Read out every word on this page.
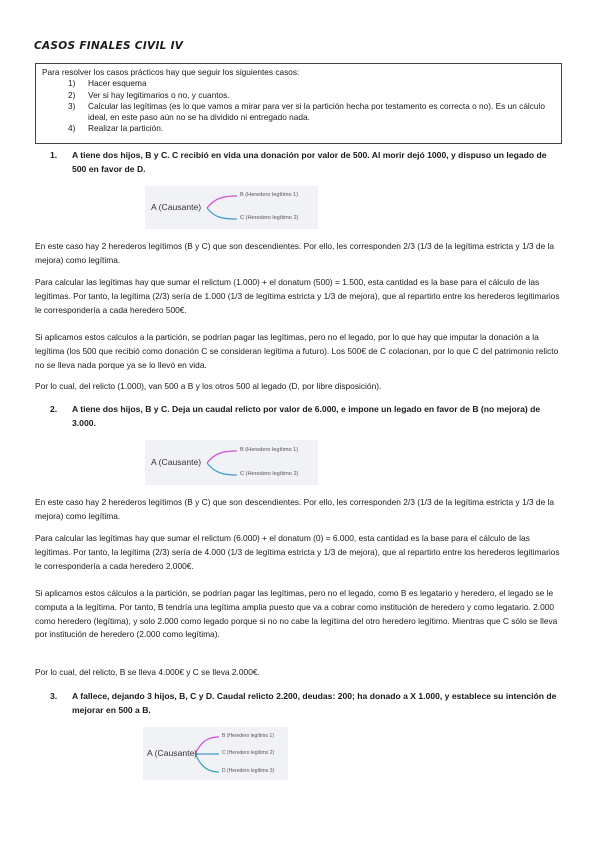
CASOS FINALES CIVIL IV
Para resolver los casos prácticos hay que seguir los siguientes casos:
1) Hacer esquema
2) Ver si hay legitimarios o no, y cuantos.
3) Calcular las legítimas (es lo que vamos a mirar para ver si la partición hecha por testamento es correcta o no). Es un cálculo ideal, en este paso aún no se ha dividido ni entregado nada.
4) Realizar la partición.
1.	A tiene dos hijos, B y C. C recibió en vida una donación por valor de 500. Al morir dejó 1000, y dispuso un legado de 500 en favor de D.
A (Causante)
B (Heredero legítimo 1)
C (Heredero legítimo 2)
En este caso hay 2 herederos legítimos (B y C) que son descendientes. Por ello, les corresponden 2/3 (1/3 de la legítima estricta y 1/3 de la mejora) como legítima.
Para calcular las legítimas hay que sumar el relictum (1.000) + el donatum (500) = 1.500, esta cantidad es la base para el cálculo de las legítimas. Por tanto, la legítima (2/3) sería de 1.000 (1/3 de legítima estricta y 1/3 de mejora), que al repartirlo entre los herederos legitimarios le correspondería a cada heredero 500€.
Si aplicamos estos calculos a la partición, se podrían pagar las legítimas, pero no el legado, por lo que hay que imputar la donación a la legítima (los 500 que recibió como donación C se consideran legítima a futuro). Los 500€ de C colacionan, por lo que C del patrimonio relicto no se lleva nada porque ya se lo llevó en vida.
Por lo cual, del relicto (1.000), van 500 a B y los otros 500 al legado (D, por libre disposición).
2.	A tiene dos hijos, B y C. Deja un caudal relicto por valor de 6.000, e impone un legado en favor de B (no mejora) de 3.000.
A (Causante)
B (Heredero legítimo 1)
C (Heredero legítimo 2)
En este caso hay 2 herederos legítimos (B y C) que son descendientes. Por ello, les corresponden 2/3 (1/3 de la legítima estricta y 1/3 de la mejora) como legítima.
Para calcular las legítimas hay que sumar el relictum (6.000) + el donatum (0) = 6.000, esta cantidad es la base para el cálculo de las legítimas. Por tanto, la legítima (2/3) sería de 4.000 (1/3 de legítima estricta y 1/3 de mejora), que al repartirlo entre los herederos legitimarios le correspondería a cada heredero 2.000€.
Si aplicamos estos cálculos a la partición, se podrían pagar las legítimas, pero no el legado, como B es legatario y heredero, el legado se le computa a la legítima. Por tanto, B tendría una legítima amplia puesto que va a cobrar como institución de heredero y como legatario. 2.000 como heredero (legítima), y solo 2.000 como legado porque si no no cabe la legítima del otro heredero legítimo. Mientras que C sólo se lleva por institución de heredero (2.000 como legítima).
Por lo cual, del relicto, B se lleva 4.000€ y C se lleva 2.000€.
3.	A fallece, dejando 3 hijos, B, C y D. Caudal relicto 2.200, deudas: 200; ha donado a X 1.000, y establece su intención de mejorar en 500 a B.
A (Causante)
B (Heredero legítimo 1)
C (Heredero legítimo 2)
D (Heredero legítimo 3)
